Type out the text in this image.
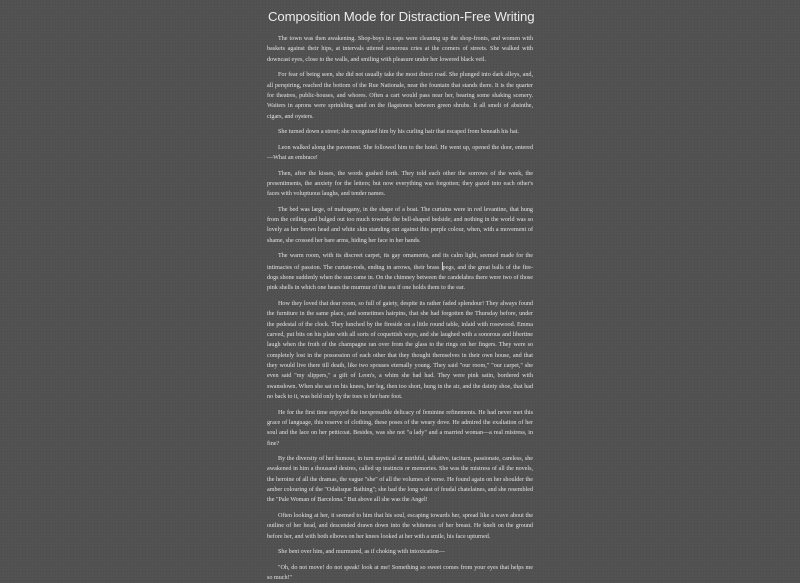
Composition Mode for Distraction-Free Writing

The town was then awakening. Shop-boys in caps were cleaning up the shop-fronts, and women with baskets against their hips, at intervals uttered sonorous cries at the corners of streets. She walked with downcast eyes, close to the walls, and smiling with pleasure under her lowered black veil.

For fear of being seen, she did not usually take the most direct road. She plunged into dark alleys, and, all perspiring, reached the bottom of the Rue Nationale, near the fountain that stands there. It is the quarter for theatres, public-houses, and whores. Often a cart would pass near her, bearing some shaking scenery. Waiters in aprons were sprinkling sand on the flagstones between green shrubs. It all smelt of absinthe, cigars, and oysters.

She turned down a street; she recognised him by his curling hair that escaped from beneath his hat.

Leon walked along the pavement. She followed him to the hotel. He went up, opened the door, entered—What an embrace!

Then, after the kisses, the words gushed forth. They told each other the sorrows of the week, the presentiments, the anxiety for the letters; but now everything was forgotten; they gazed into each other's faces with voluptuous laughs, and tender names.

The bed was large, of mahogany, in the shape of a boat. The curtains were in red levantine, that hung from the ceiling and bulged out too much towards the bell-shaped bedside; and nothing in the world was so lovely as her brown head and white skin standing out against this purple colour, when, with a movement of shame, she crossed her bare arms, hiding her face in her hands.

The warm room, with its discreet carpet, its gay ornaments, and its calm light, seemed made for the intimacies of passion. The curtain-rods, ending in arrows, their brass pegs, and the great balls of the fire-dogs shone suddenly when the sun came in. On the chimney between the candelabra there were two of those pink shells in which one hears the murmur of the sea if one holds them to the ear.

How they loved that dear room, so full of gaiety, despite its rather faded splendour! They always found the furniture in the same place, and sometimes hairpins, that she had forgotten the Thursday before, under the pedestal of the clock. They lunched by the fireside on a little round table, inlaid with rosewood. Emma carved, put bits on his plate with all sorts of coquettish ways, and she laughed with a sonorous and libertine laugh when the froth of the champagne ran over from the glass to the rings on her fingers. They were so completely lost in the possession of each other that they thought themselves in their own house, and that they would live there till death, like two spouses eternally young. They said "our room," "our carpet," she even said "my slippers," a gift of Leon's, a whim she had had. They were pink satin, bordered with swansdown. When she sat on his knees, her leg, then too short, hung in the air, and the dainty shoe, that had no back to it, was held only by the toes to her bare foot.

He for the first time enjoyed the inexpressible delicacy of feminine refinements. He had never met this grace of language, this reserve of clothing, these poses of the weary dove. He admired the exaltation of her soul and the lace on her petticoat. Besides, was she not "a lady" and a married woman—a real mistress, in fine?

By the diversity of her humour, in turn mystical or mirthful, talkative, taciturn, passionate, careless, she awakened in him a thousand desires, called up instincts or memories. She was the mistress of all the novels, the heroine of all the dramas, the vague "she" of all the volumes of verse. He found again on her shoulder the amber colouring of the "Odalisque Bathing"; she had the long waist of feudal chatelaines, and she resembled the "Pale Woman of Barcelona." But above all she was the Angel!

Often looking at her, it seemed to him that his soul, escaping towards her, spread like a wave about the outline of her head, and descended drawn down into the whiteness of her breast. He knelt on the ground before her, and with both elbows on her knees looked at her with a smile, his face upturned.

She bent over him, and murmured, as if choking with intoxication—

"Oh, do not move! do not speak! look at me! Something so sweet comes from your eyes that helps me so much!"
